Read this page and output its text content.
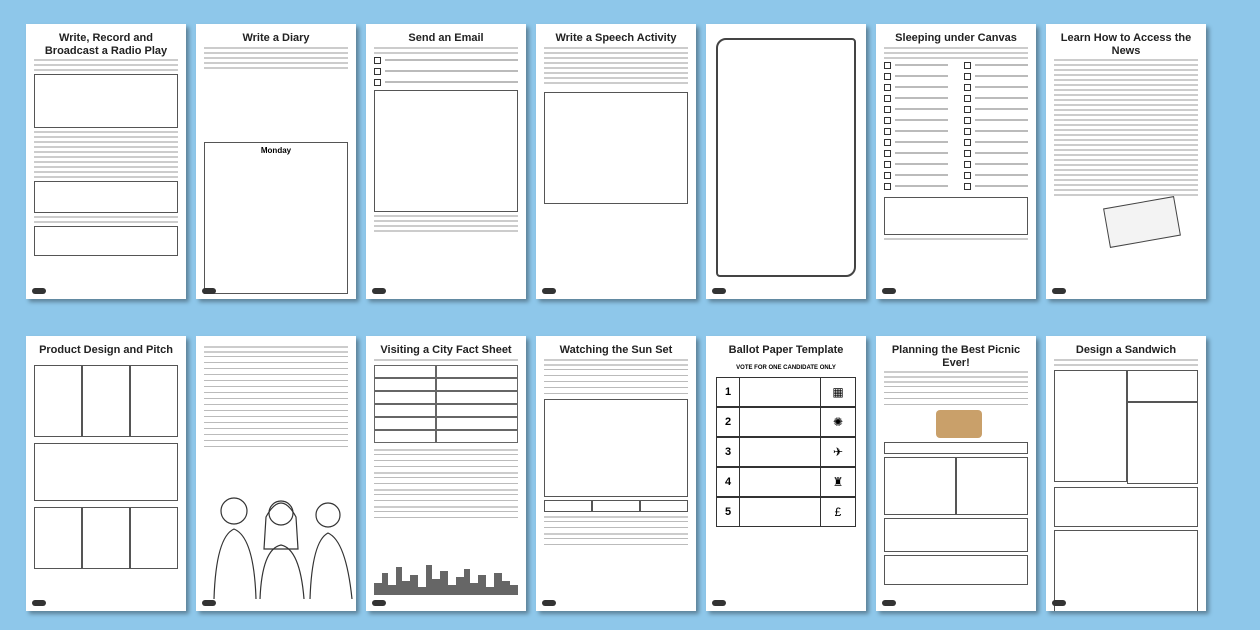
Write, Record and Broadcast a Radio Play
Write a Diary
Monday
Send an Email	Write a Speech Activity	Sleeping under Canvas	Learn How to Access the News
Product Design and Pitch	Visiting a City Fact Sheet	Watching the Sun Set	Ballot Paper Template
VOTE FOR ONE CANDIDATE ONLY
1	▦
2	✺
3	✈
4	♜
5	£
Planning the Best Picnic Ever!
Design a Sandwich
